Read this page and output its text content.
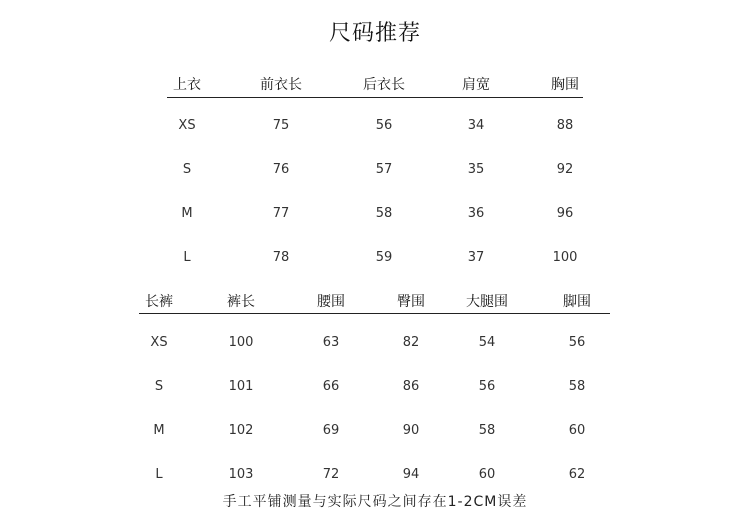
尺码推荐
上衣	前衣长	后衣长	肩宽	胸围
XS	75	56	34	88
S	76	57	35	92
M	77	58	36	96
L	78	59	37	100
长裤	裤长	腰围	臀围	大腿围	脚围
XS	100	63	82	54	56
S	101	66	86	56	58
M	102	69	90	58	60
L	103	72	94	60	62
手工平铺测量与实际尺码之间存在1-2CM误差
